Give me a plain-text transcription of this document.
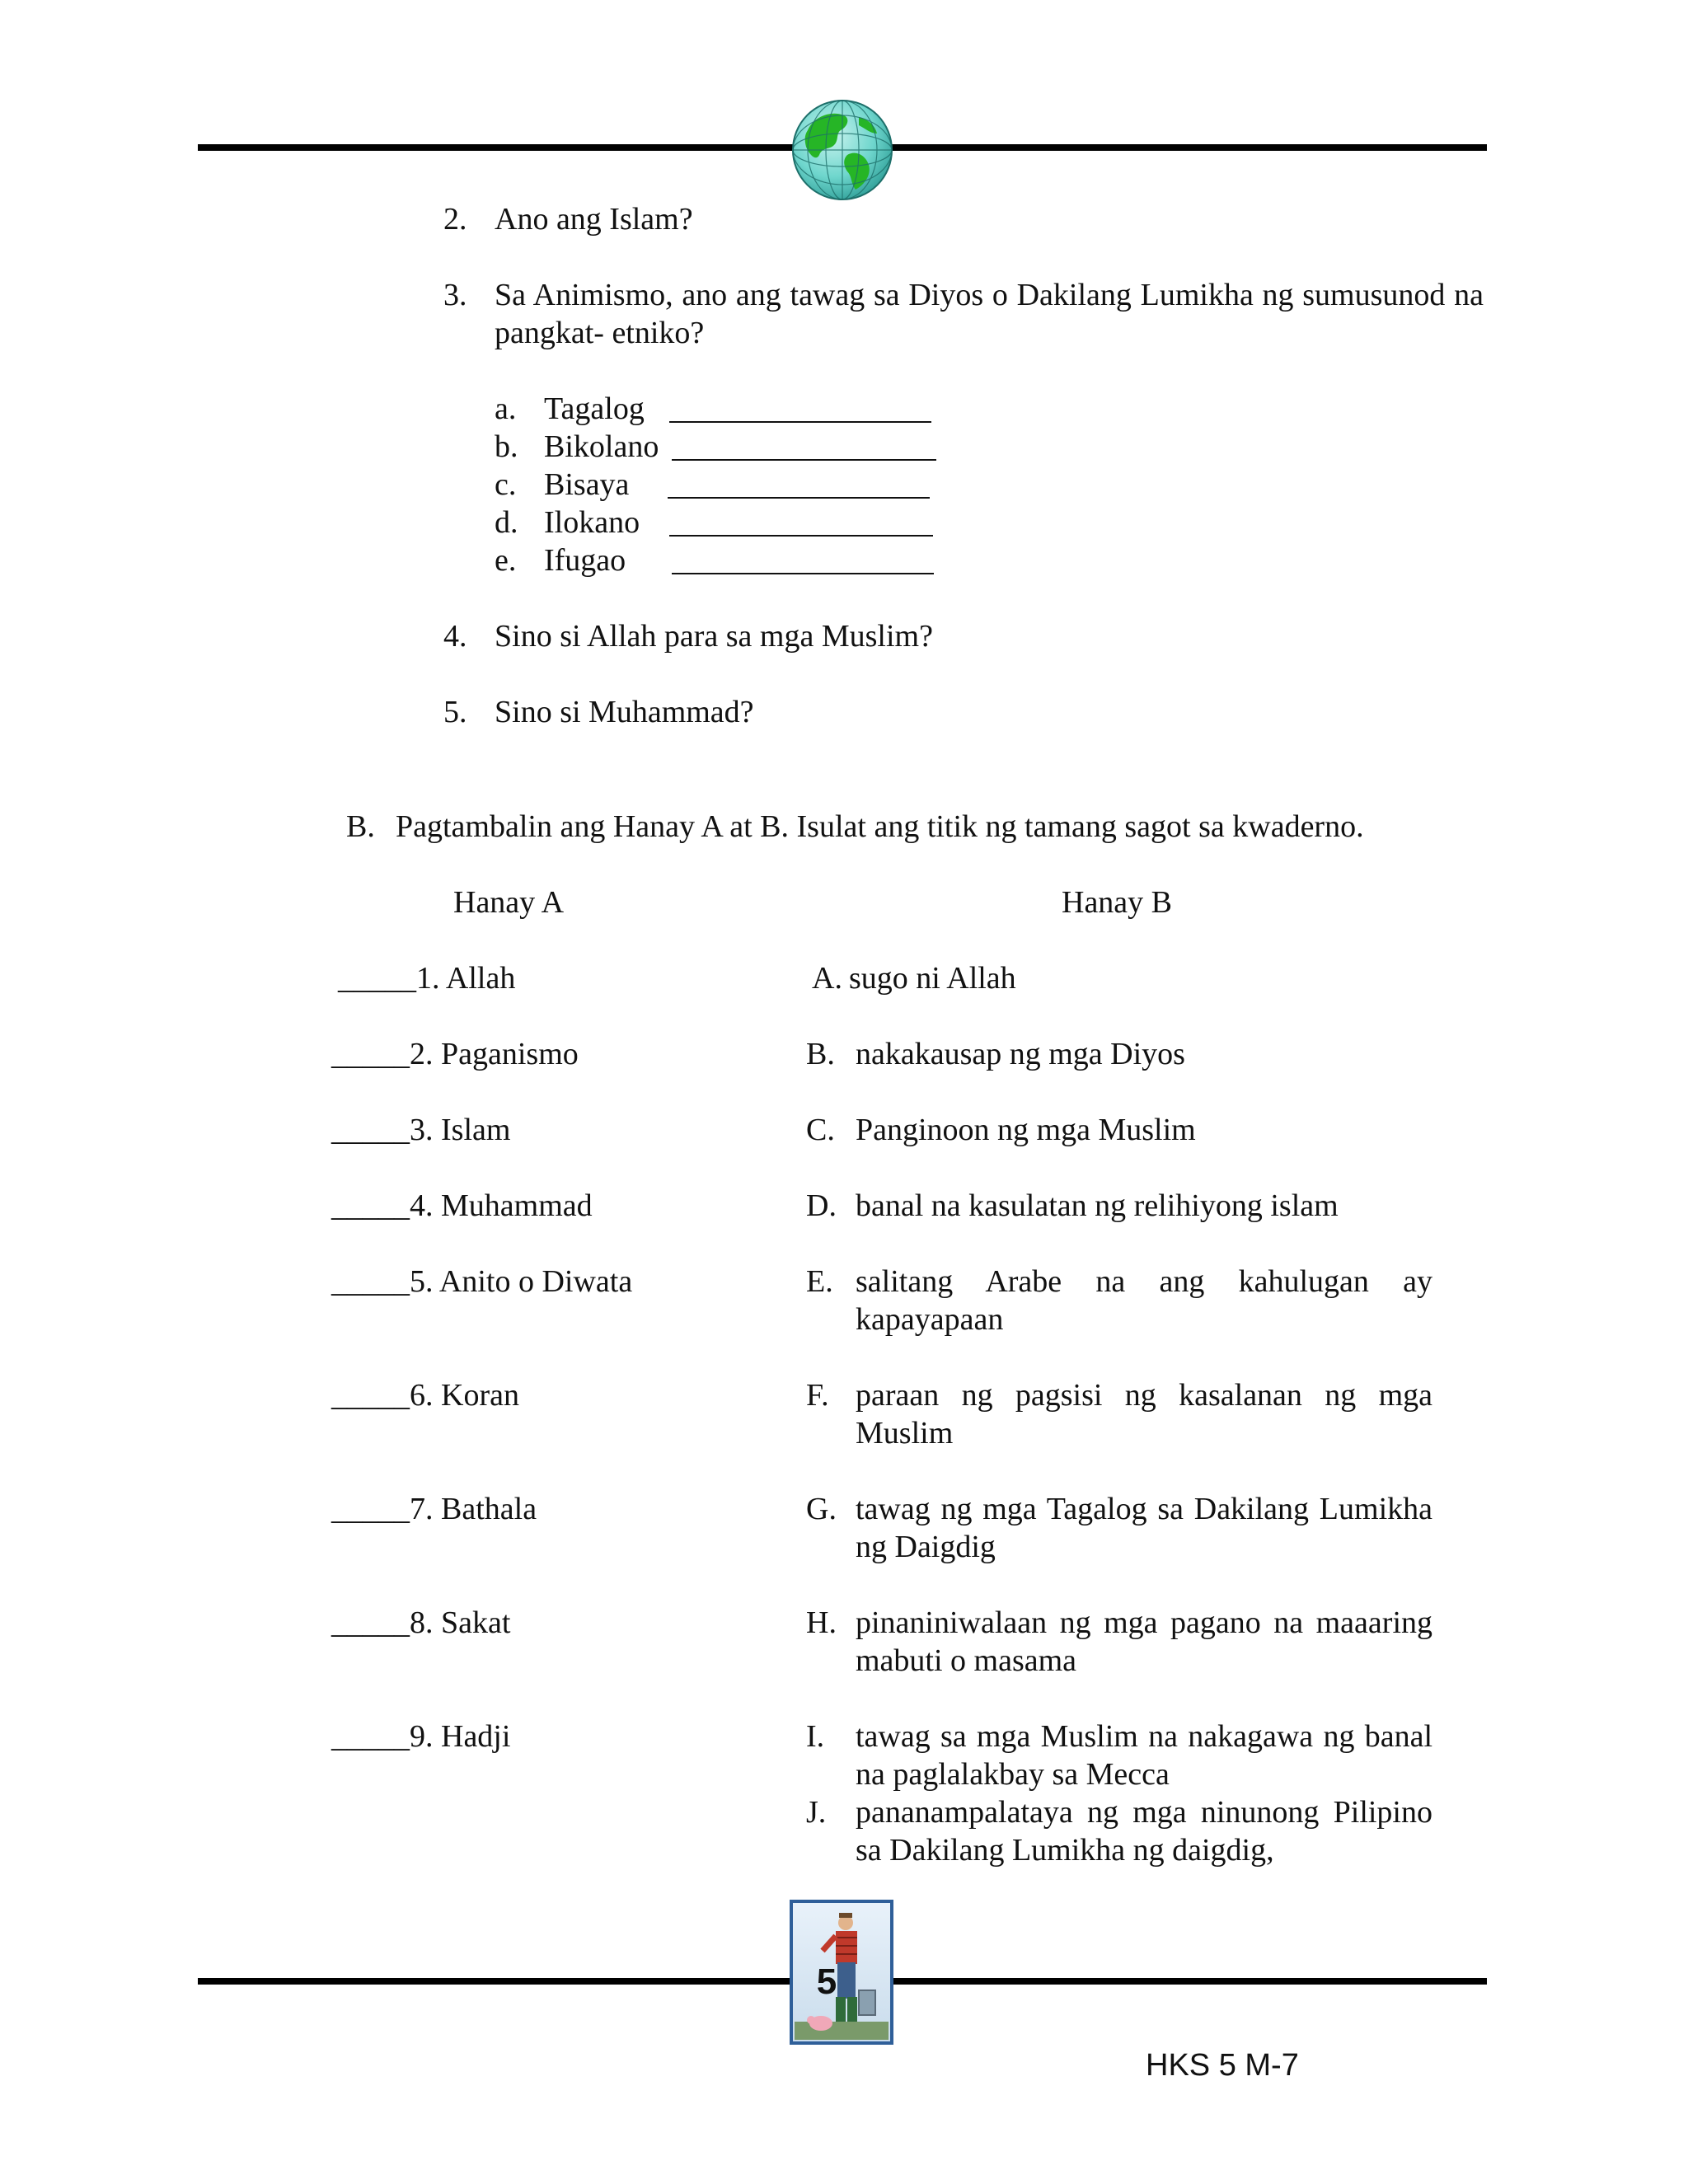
2. Ano ang Islam?
3. Sa Animismo, ano ang tawag sa Diyos o Dakilang Lumikha ng sumusunod na pangkat- etniko?
a. Tagalog
b. Bikolano
c. Bisaya
d. Ilokano
e. Ifugao
4. Sino si Allah para sa mga Muslim?
5. Sino si Muhammad?
B. Pagtambalin ang Hanay A at B. Isulat ang titik ng tamang sagot sa kwaderno.
Hanay A	Hanay B
_____1. Allah
_____2. Paganismo
_____3. Islam
_____4. Muhammad
_____5. Anito o Diwata
_____6. Koran
_____7. Bathala
_____8. Sakat
_____9. Hadji
A. sugo ni Allah
B. nakakausap ng mga Diyos
C. Panginoon ng mga Muslim
D. banal na kasulatan ng relihiyong islam
E. salitang Arabe na ang kahulugan ay kapayapaan
F. paraan ng pagsisi ng kasalanan ng mga Muslim
G. tawag ng mga Tagalog sa Dakilang Lumikha ng Daigdig
H. pinaniniwalaan ng mga pagano na maaaring mabuti o masama
I. tawag sa mga Muslim na nakagawa ng banal na paglalakbay sa Mecca
J. pananampalataya ng mga ninunong Pilipino sa Dakilang Lumikha ng daigdig,
5
HKS 5 M-7
